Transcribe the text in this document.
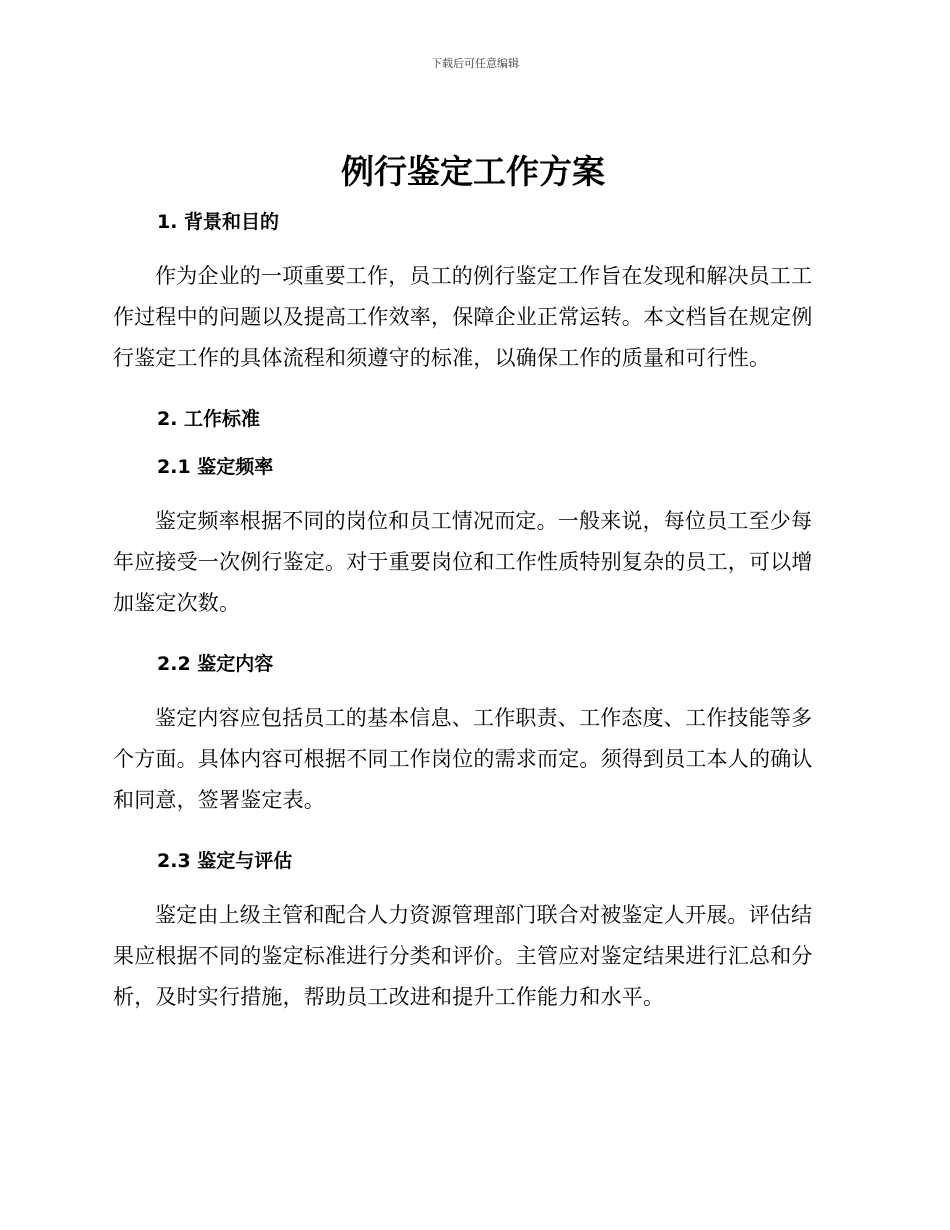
下载后可任意编辑
例行鉴定工作方案
1. 背景和目的

作为企业的一项重要工作，员工的例行鉴定工作旨在发现和解决员工工作过程中的问题以及提高工作效率，保障企业正常运转。本文档旨在规定例行鉴定工作的具体流程和须遵守的标准，以确保工作的质量和可行性。

2. 工作标准
2.1 鉴定频率

鉴定频率根据不同的岗位和员工情况而定。一般来说，每位员工至少每年应接受一次例行鉴定。对于重要岗位和工作性质特别复杂的员工，可以增加鉴定次数。

2.2 鉴定内容

鉴定内容应包括员工的基本信息、工作职责、工作态度、工作技能等多个方面。具体内容可根据不同工作岗位的需求而定。须得到员工本人的确认和同意，签署鉴定表。

2.3 鉴定与评估

鉴定由上级主管和配合人力资源管理部门联合对被鉴定人开展。评估结果应根据不同的鉴定标准进行分类和评价。主管应对鉴定结果进行汇总和分析，及时实行措施，帮助员工改进和提升工作能力和水平。
